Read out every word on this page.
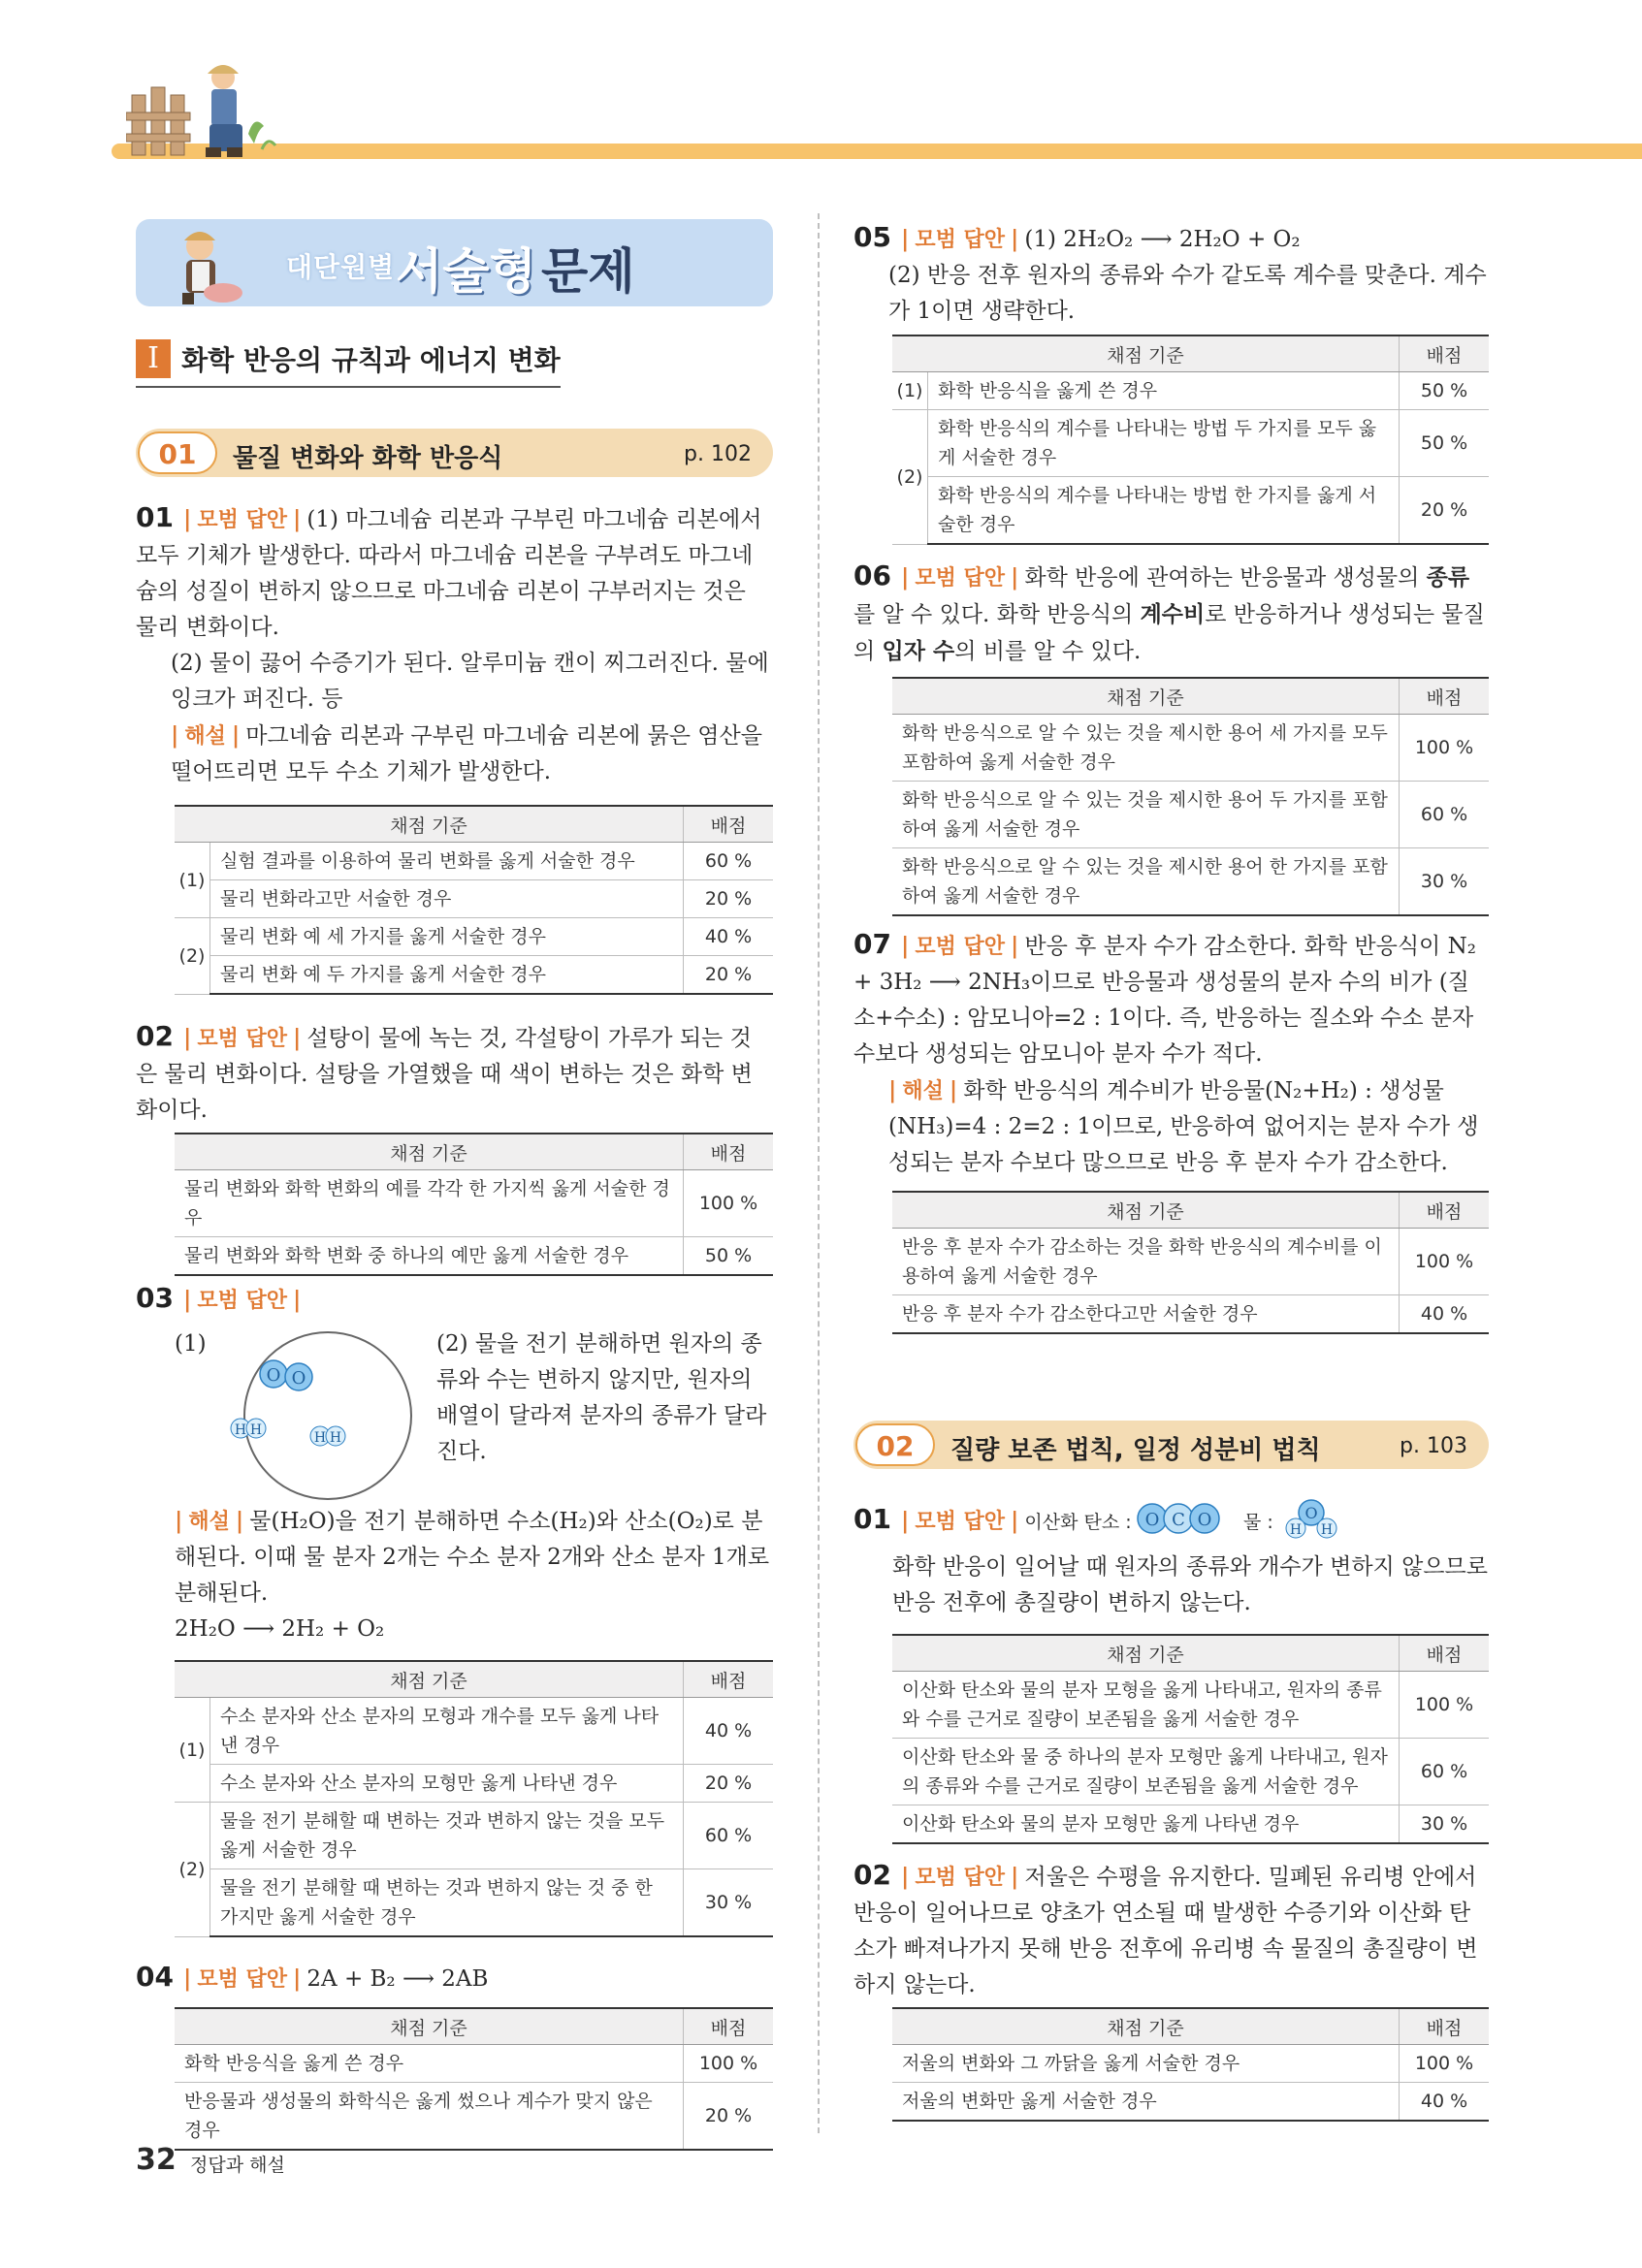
대단원별 서술형 문제
I 화학 반응의 규칙과 에너지 변화
01	물질 변화와 화학 반응식	p. 102

01 | 모범 답안 | (1) 마그네슘 리본과 구부린 마그네슘 리본에서 모두 기체가 발생한다. 따라서 마그네슘 리본을 구부려도 마그네슘의 성질이 변하지 않으므로 마그네슘 리본이 구부러지는 것은 물리 변화이다.

(2) 물이 끓어 수증기가 된다. 알루미늄 캔이 찌그러진다. 물에 잉크가 퍼진다. 등

| 해설 | 마그네슘 리본과 구부린 마그네슘 리본에 묽은 염산을 떨어뜨리면 모두 수소 기체가 발생한다.

채점 기준		배점
(1)	실험 결과를 이용하여 물리 변화를 옳게 서술한 경우	60 %
	물리 변화라고만 서술한 경우	20 %
(2)	물리 변화 예 세 가지를 옳게 서술한 경우	40 %
	물리 변화 예 두 가지를 옳게 서술한 경우	20 %

02 | 모범 답안 | 설탕이 물에 녹는 것, 각설탕이 가루가 되는 것은 물리 변화이다. 설탕을 가열했을 때 색이 변하는 것은 화학 변화이다.

채점 기준	배점
물리 변화와 화학 변화의 예를 각각 한 가지씩 옳게 서술한 경우	100 %
물리 변화와 화학 변화 중 하나의 예만 옳게 서술한 경우	50 %

03 | 모범 답안 |

(1)
O O
H H	H H
(2) 물을 전기 분해하면 원자의 종류와 수는 변하지 않지만, 원자의 배열이 달라져 분자의 종류가 달라진다.

| 해설 | 물(H₂O)을 전기 분해하면 수소(H₂)와 산소(O₂)로 분해된다. 이때 물 분자 2개는 수소 분자 2개와 산소 분자 1개로 분해된다.

2H₂O ⟶ 2H₂ + O₂

채점 기준		배점
(1)	수소 분자와 산소 분자의 모형과 개수를 모두 옳게 나타낸 경우	40 %
	수소 분자와 산소 분자의 모형만 옳게 나타낸 경우	20 %
(2)	물을 전기 분해할 때 변하는 것과 변하지 않는 것을 모두 옳게 서술한 경우	60 %
	물을 전기 분해할 때 변하는 것과 변하지 않는 것 중 한 가지만 옳게 서술한 경우	30 %

04 | 모범 답안 | 2A + B₂ ⟶ 2AB

채점 기준	배점
화학 반응식을 옳게 쓴 경우	100 %
반응물과 생성물의 화학식은 옳게 썼으나 계수가 맞지 않은 경우	20 %

05 | 모범 답안 | (1) 2H₂O₂ ⟶ 2H₂O + O₂

(2) 반응 전후 원자의 종류와 수가 같도록 계수를 맞춘다. 계수가 1이면 생략한다.

채점 기준		배점
(1)	화학 반응식을 옳게 쓴 경우	50 %
(2)	화학 반응식의 계수를 나타내는 방법 두 가지를 모두 옳게 서술한 경우	50 %
	화학 반응식의 계수를 나타내는 방법 한 가지를 옳게 서술한 경우	20 %

06 | 모범 답안 | 화학 반응에 관여하는 반응물과 생성물의 종류를 알 수 있다. 화학 반응식의 계수비로 반응하거나 생성되는 물질의 입자 수의 비를 알 수 있다.

채점 기준	배점
화학 반응식으로 알 수 있는 것을 제시한 용어 세 가지를 모두 포함하여 옳게 서술한 경우	100 %
화학 반응식으로 알 수 있는 것을 제시한 용어 두 가지를 포함하여 옳게 서술한 경우	60 %
화학 반응식으로 알 수 있는 것을 제시한 용어 한 가지를 포함하여 옳게 서술한 경우	30 %

07 | 모범 답안 | 반응 후 분자 수가 감소한다. 화학 반응식이 N₂ + 3H₂ ⟶ 2NH₃이므로 반응물과 생성물의 분자 수의 비가 (질소+수소) : 암모니아=2 : 1이다. 즉, 반응하는 질소와 수소 분자 수보다 생성되는 암모니아 분자 수가 적다.

| 해설 | 화학 반응식의 계수비가 반응물(N₂+H₂) : 생성물(NH₃)=4 : 2=2 : 1이므로, 반응하여 없어지는 분자 수가 생성되는 분자 수보다 많으므로 반응 후 분자 수가 감소한다.

채점 기준	배점
반응 후 분자 수가 감소하는 것을 화학 반응식의 계수비를 이용하여 옳게 서술한 경우	100 %
반응 후 분자 수가 감소한다고만 서술한 경우	40 %
02	질량 보존 법칙, 일정 성분비 법칙	p. 103

01 | 모범 답안 | 이산화 탄소 : O C O 물 : O
H H
화학 반응이 일어날 때 원자의 종류와 개수가 변하지 않으므로 반응 전후에 총질량이 변하지 않는다.
채점 기준	배점
이산화 탄소와 물의 분자 모형을 옳게 나타내고, 원자의 종류와 수를 근거로 질량이 보존됨을 옳게 서술한 경우	100 %
이산화 탄소와 물 중 하나의 분자 모형만 옳게 나타내고, 원자의 종류와 수를 근거로 질량이 보존됨을 옳게 서술한 경우	60 %
이산화 탄소와 물의 분자 모형만 옳게 나타낸 경우	30 %

02 | 모범 답안 | 저울은 수평을 유지한다. 밀폐된 유리병 안에서 반응이 일어나므로 양초가 연소될 때 발생한 수증기와 이산화 탄소가 빠져나가지 못해 반응 전후에 유리병 속 물질의 총질량이 변하지 않는다.

채점 기준	배점
저울의 변화와 그 까닭을 옳게 서술한 경우	100 %
저울의 변화만 옳게 서술한 경우	40 %
32 정답과 해설
